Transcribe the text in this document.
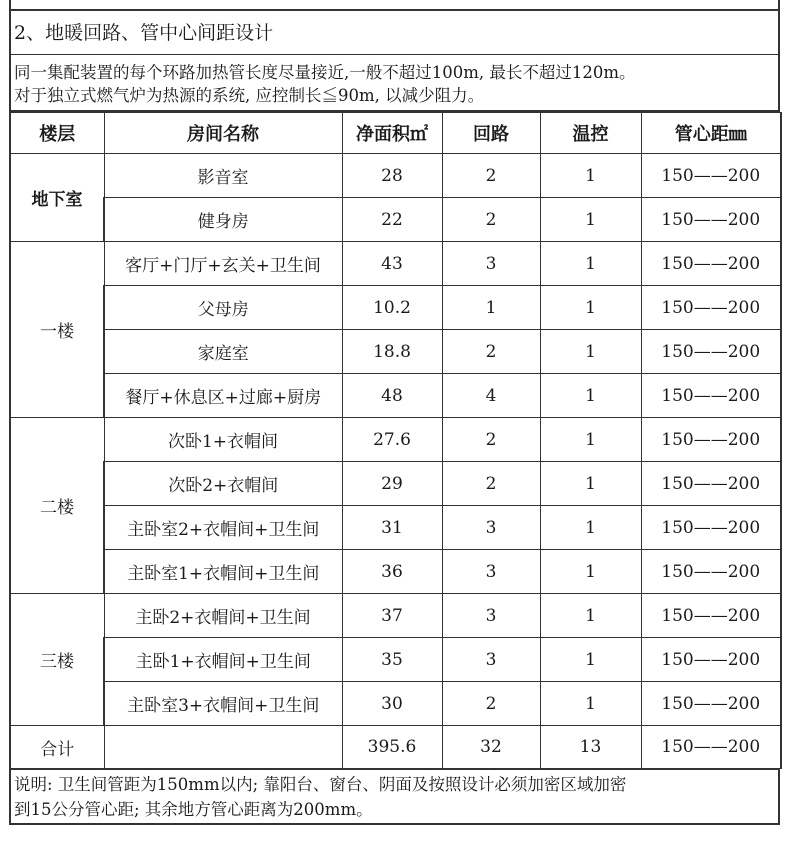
2、地暖回路、管中心间距设计
同一集配装置的每个环路加热管长度尽量接近,一般不超过100m, 最长不超过120m。
对于独立式燃气炉为热源的系统, 应控制长≦90m, 以减少阻力。
楼层	房间名称	净面积㎡	回路	温控	管心距㎜
地下室	影音室	28	2	1	150——200
	健身房	22	2	1	150——200
一楼	客厅+门厅+玄关+卫生间	43	3	1	150——200
	父母房	10.2	1	1	150——200
	家庭室	18.8	2	1	150——200
	餐厅+休息区+过廊+厨房	48	4	1	150——200
二楼	次卧1+衣帽间	27.6	2	1	150——200
	次卧2+衣帽间	29	2	1	150——200
	主卧室2+衣帽间+卫生间	31	3	1	150——200
	主卧室1+衣帽间+卫生间	36	3	1	150——200
三楼	主卧2+衣帽间+卫生间	37	3	1	150——200
	主卧1+衣帽间+卫生间	35	3	1	150——200
	主卧室3+衣帽间+卫生间	30	2	1	150——200
合计		395.6	32	13	150——200
说明: 卫生间管距为150mm以内; 靠阳台、窗台、阴面及按照设计必须加密区域加密
到15公分管心距; 其余地方管心距离为200mm。
